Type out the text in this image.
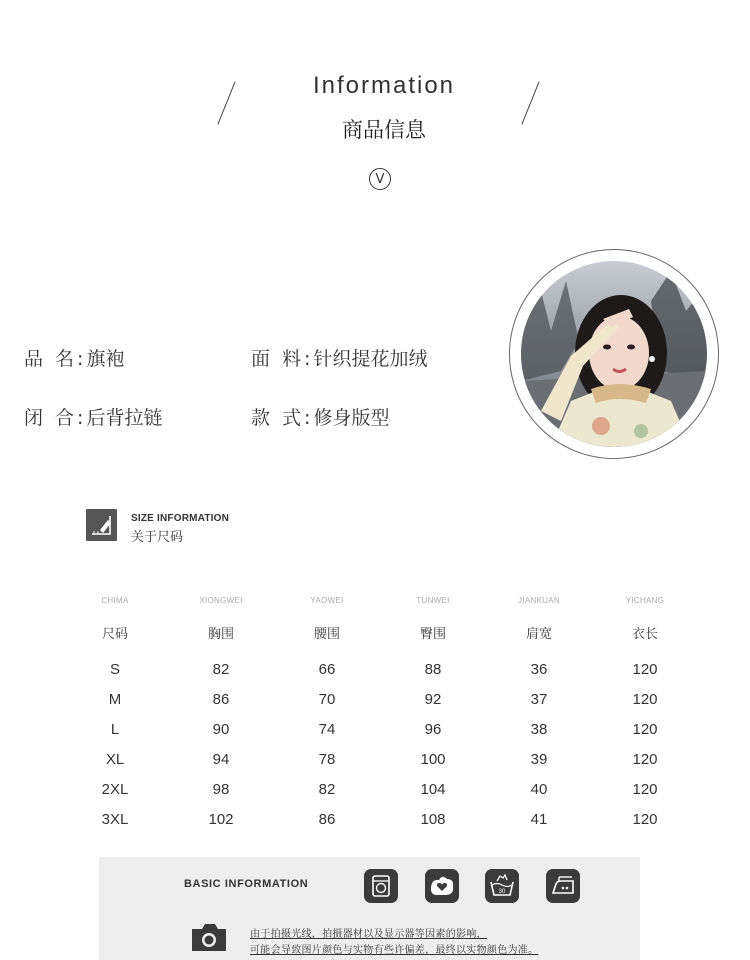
Information
商品信息
V
品 名:旗袍	面 料:针织提花加绒
闭 合:后背拉链	款 式:修身版型
SIZE INFORMATION
关于尺码
CHIMA	XIONGWEI	YAOWEI	TUNWEI	JIANKUAN	YICHANG
尺码	胸围	腰围	臀围	肩宽	衣长
S	82	66	88	36	120
M	86	70	92	37	120
L	90	74	96	38	120
XL	94	78	100	39	120
2XL	98	82	104	40	120
3XL	102	86	108	41	120
BASIC INFORMATION
30
由于拍摄光线，拍摄器材以及显示器等因素的影响，
可能会导致图片颜色与实物有些许偏差，最终以实物颜色为准。
